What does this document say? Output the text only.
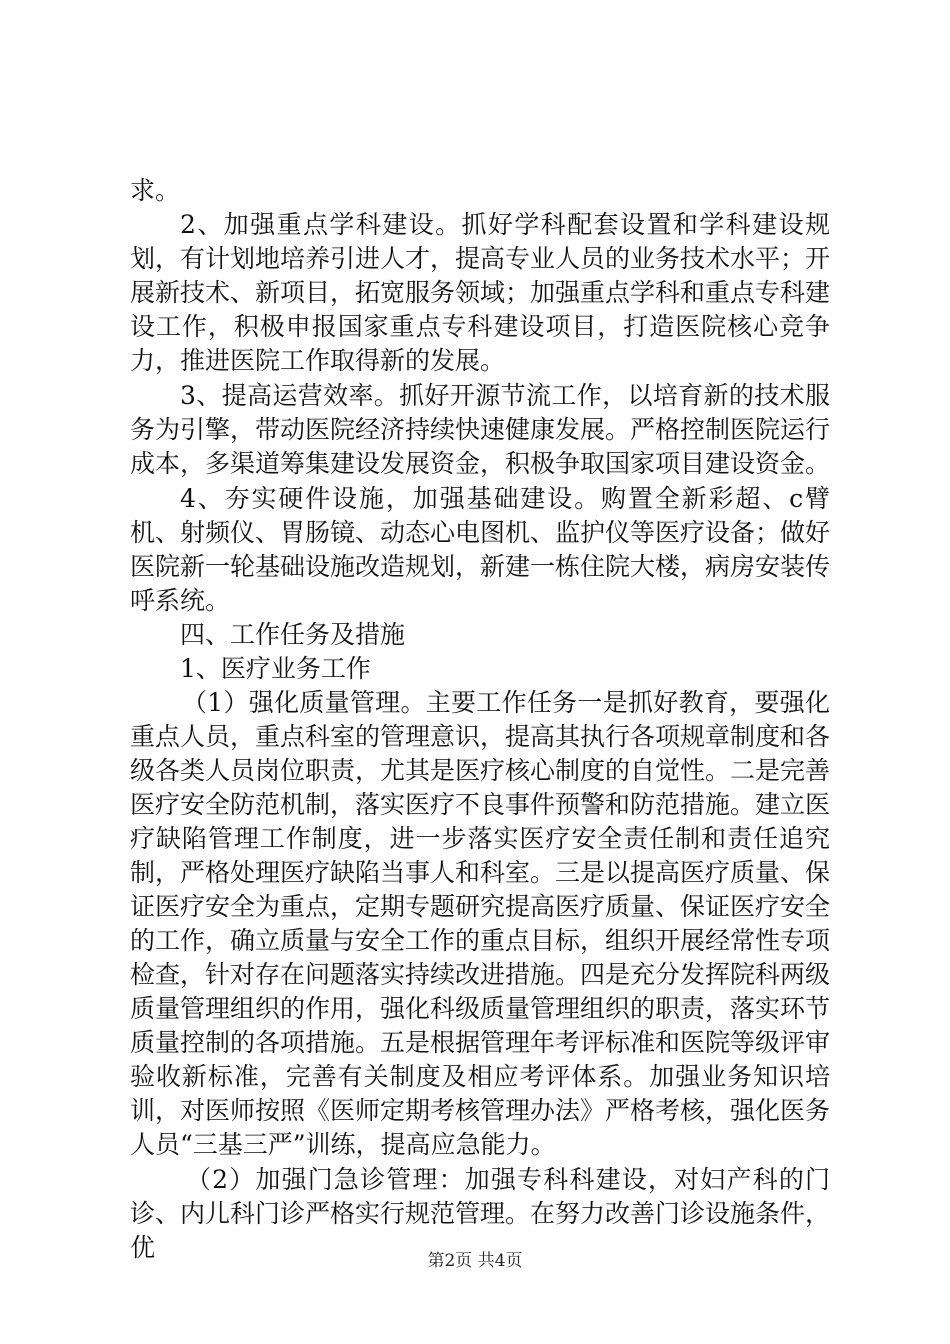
求。

2、加强重点学科建设。抓好学科配套设置和学科建设规划，有计划地培养引进人才，提高专业人员的业务技术水平；开展新技术、新项目，拓宽服务领域；加强重点学科和重点专科建设工作，积极申报国家重点专科建设项目，打造医院核心竞争力，推进医院工作取得新的发展。

3、提高运营效率。抓好开源节流工作，以培育新的技术服务为引擎，带动医院经济持续快速健康发展。严格控制医院运行成本，多渠道筹集建设发展资金，积极争取国家项目建设资金。

4、夯实硬件设施，加强基础建设。购置全新彩超、c臂机、射频仪、胃肠镜、动态心电图机、监护仪等医疗设备；做好医院新一轮基础设施改造规划，新建一栋住院大楼，病房安装传呼系统。

四、工作任务及措施

1、医疗业务工作

（1）强化质量管理。主要工作任务一是抓好教育，要强化重点人员，重点科室的管理意识，提高其执行各项规章制度和各级各类人员岗位职责，尤其是医疗核心制度的自觉性。二是完善医疗安全防范机制，落实医疗不良事件预警和防范措施。建立医疗缺陷管理工作制度，进一步落实医疗安全责任制和责任追究制，严格处理医疗缺陷当事人和科室。三是以提高医疗质量、保证医疗安全为重点，定期专题研究提高医疗质量、保证医疗安全的工作，确立质量与安全工作的重点目标，组织开展经常性专项检查，针对存在问题落实持续改进措施。四是充分发挥院科两级质量管理组织的作用，强化科级质量管理组织的职责，落实环节质量控制的各项措施。五是根据管理年考评标准和医院等级评审验收新标准，完善有关制度及相应考评体系。加强业务知识培训，对医师按照《医师定期考核管理办法》严格考核，强化医务人员“三基三严”训练，提高应急能力。

（2）加强门急诊管理：加强专科科建设，对妇产科的门诊、内儿科门诊严格实行规范管理。在努力改善门诊设施条件，优	第2页 共4页
